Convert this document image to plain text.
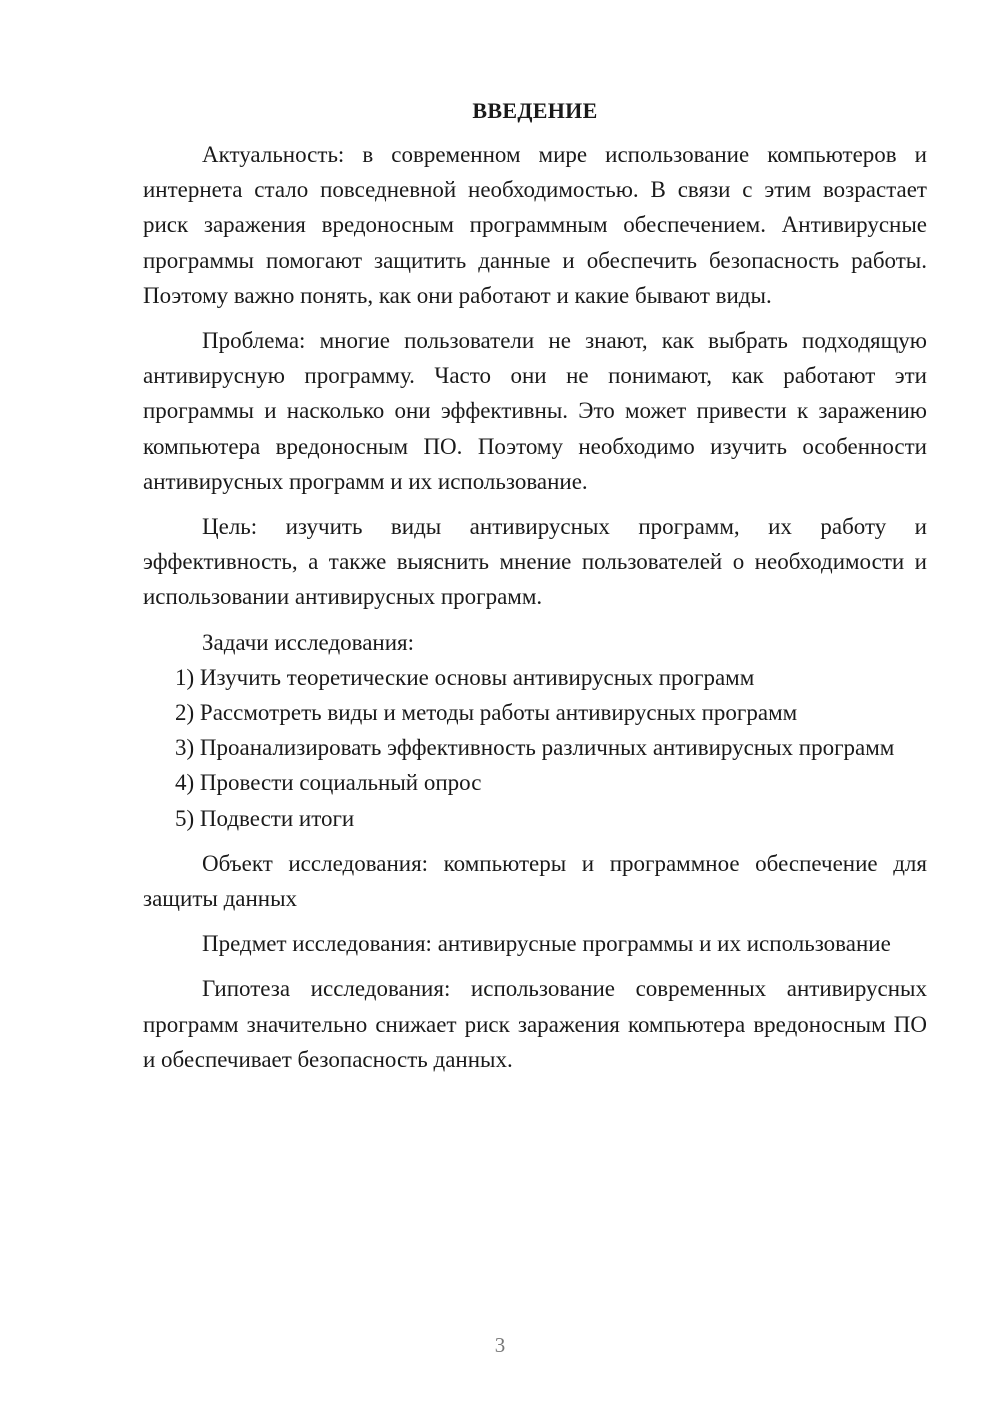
ВВЕДЕНИЕ

Актуальность: в современном мире использование компьютеров и интернета стало повседневной необходимостью. В связи с этим возрастает риск заражения вредоносным программным обеспечением. Антивирусные программы помогают защитить данные и обеспечить безопасность работы. Поэтому важно понять, как они работают и какие бывают виды.

Проблема: многие пользователи не знают, как выбрать подходящую антивирусную программу. Часто они не понимают, как работают эти программы и насколько они эффективны. Это может привести к заражению компьютера вредоносным ПО. Поэтому необходимо изучить особенности антивирусных программ и их использование.

Цель: изучить виды антивирусных программ, их работу и эффективность, а также выяснить мнение пользователей о необходимости и использовании антивирусных программ.

Задачи исследования:

1) Изучить теоретические основы антивирусных программ

2) Рассмотреть виды и методы работы антивирусных программ

3) Проанализировать эффективность различных антивирусных программ

4) Провести социальный опрос

5) Подвести итоги

Объект исследования: компьютеры и программное обеспечение для защиты данных

Предмет исследования: антивирусные программы и их использование

Гипотеза исследования: использование современных антивирусных программ значительно снижает риск заражения компьютера вредоносным ПО и обеспечивает безопасность данных.

3
